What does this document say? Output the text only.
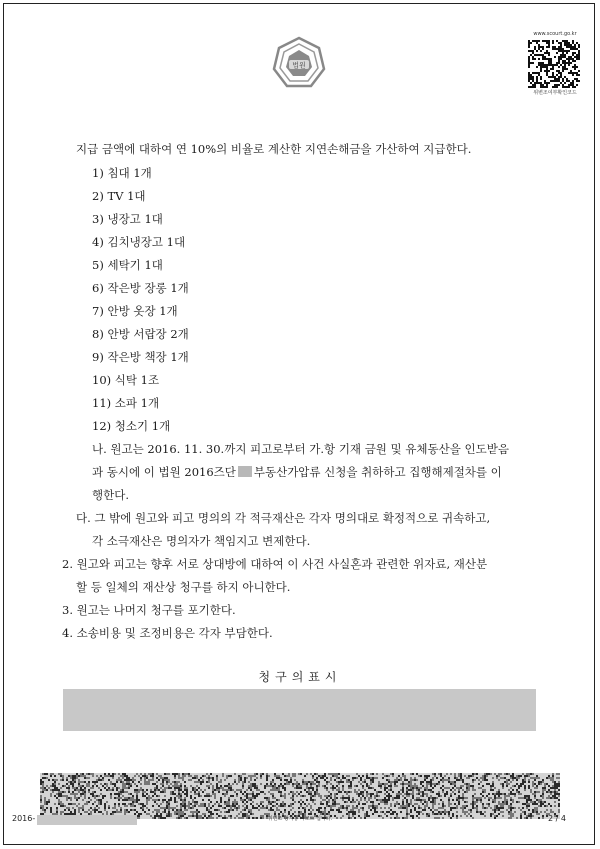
법원
www.scourt.go.kr
위변조여부확인코드
지급 금액에 대하여 연 10%의 비율로 계산한 지연손해금을 가산하여 지급한다.
1) 침대 1개
2) TV 1대
3) 냉장고 1대
4) 김치냉장고 1대
5) 세탁기 1대
6) 작은방 장롱 1개
7) 안방 옷장 1개
8) 안방 서랍장 2개
9) 작은방 책장 1개
10) 식탁 1조
11) 소파 1개
12) 청소기 1개
나. 원고는 2016. 11. 30.까지 피고로부터 가.항 기재 금원 및 유체동산을 인도받음
과 동시에 이 법원 2016즈단 부동산가압류 신청을 취하하고 집행해제절차를 이
행한다.
다. 그 밖에 원고와 피고 명의의 각 적극재산은 각자 명의대로 확정적으로 귀속하고,
각 소극재산은 명의자가 책임지고 변제한다.
2. 원고와 피고는 향후 서로 상대방에 대하여 이 사건 사실혼과 관련한 위자료, 재산분
할 등 일체의 재산상 청구를 하지 아니한다.
3. 원고는 나머지 청구를 포기한다.
4. 소송비용 및 조정비용은 각자 부담한다.
청구의표시
2016-	위변조 방지용 바코드 입니다.	2 / 4
